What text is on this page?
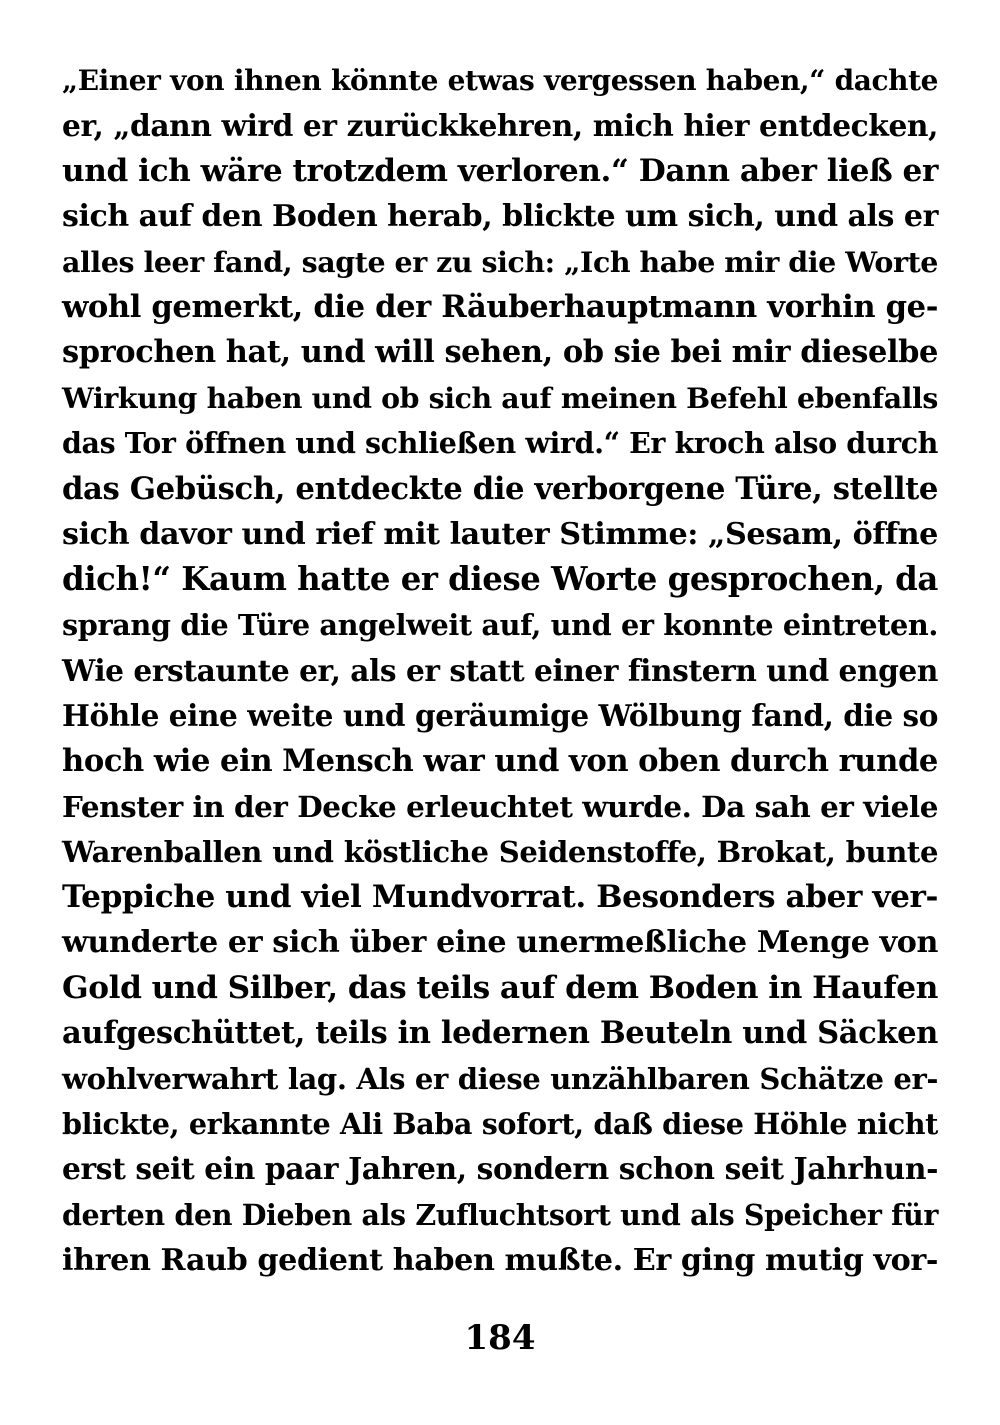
„Einer von ihnen könnte etwas vergessen haben,“ dachte
er, „dann wird er zurückkehren, mich hier entdecken,
und ich wäre trotzdem verloren.“ Dann aber ließ er
sich auf den Boden herab, blickte um sich, und als er
alles leer fand, sagte er zu sich: „Ich habe mir die Worte
wohl gemerkt, die der Räuberhauptmann vorhin ge-
sprochen hat, und will sehen, ob sie bei mir dieselbe
Wirkung haben und ob sich auf meinen Befehl ebenfalls
das Tor öffnen und schließen wird.“ Er kroch also durch
das Gebüsch, entdeckte die verborgene Türe, stellte
sich davor und rief mit lauter Stimme: „Sesam, öffne
dich!“ Kaum hatte er diese Worte gesprochen, da
sprang die Türe angelweit auf, und er konnte eintreten.
Wie erstaunte er, als er statt einer finstern und engen
Höhle eine weite und geräumige Wölbung fand, die so
hoch wie ein Mensch war und von oben durch runde
Fenster in der Decke erleuchtet wurde. Da sah er viele
Warenballen und köstliche Seidenstoffe, Brokat, bunte
Teppiche und viel Mundvorrat. Besonders aber ver-
wunderte er sich über eine unermeßliche Menge von
Gold und Silber, das teils auf dem Boden in Haufen
aufgeschüttet, teils in ledernen Beuteln und Säcken
wohlverwahrt lag. Als er diese unzählbaren Schätze er-
blickte, erkannte Ali Baba sofort, daß diese Höhle nicht
erst seit ein paar Jahren, sondern schon seit Jahrhun-
derten den Dieben als Zufluchtsort und als Speicher für
ihren Raub gedient haben mußte. Er ging mutig vor-
184
